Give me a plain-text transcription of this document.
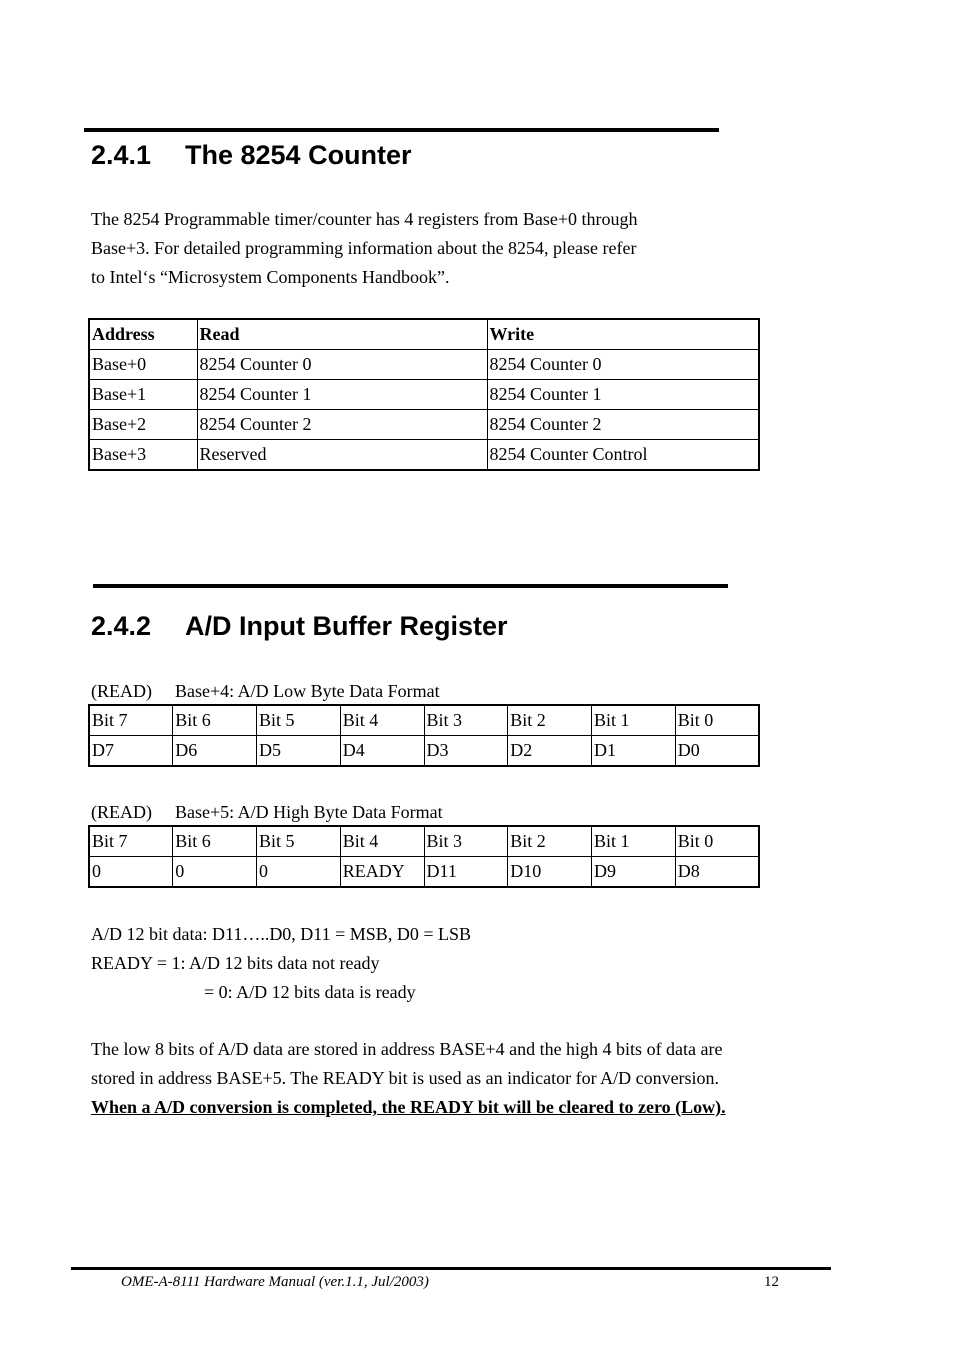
2.4.1 The 8254 Counter
The 8254 Programmable timer/counter has 4 registers from Base+0 through
Base+3. For detailed programming information about the 8254, please refer
to Intel‘s “Microsystem Components Handbook”.
Address	Read	Write
Base+0	8254 Counter 0	8254 Counter 0
Base+1	8254 Counter 1	8254 Counter 1
Base+2	8254 Counter 2	8254 Counter 2
Base+3	Reserved	8254 Counter Control
2.4.2 A/D Input Buffer Register
(READ) Base+4: A/D Low Byte Data Format
Bit 7	Bit 6	Bit 5	Bit 4	Bit 3	Bit 2	Bit 1	Bit 0
D7	D6	D5	D4	D3	D2	D1	D0
(READ) Base+5: A/D High Byte Data Format
Bit 7	Bit 6	Bit 5	Bit 4	Bit 3	Bit 2	Bit 1	Bit 0
0	0	0	READY	D11	D10	D9	D8
A/D 12 bit data: D11…..D0, D11 = MSB, D0 = LSB
READY = 1: A/D 12 bits data not ready
= 0: A/D 12 bits data is ready
The low 8 bits of A/D data are stored in address BASE+4 and the high 4 bits of data are
stored in address BASE+5. The READY bit is used as an indicator for A/D conversion.
When a A/D conversion is completed, the READY bit will be cleared to zero (Low).
OME-A-8111 Hardware Manual (ver.1.1, Jul/2003)	12
